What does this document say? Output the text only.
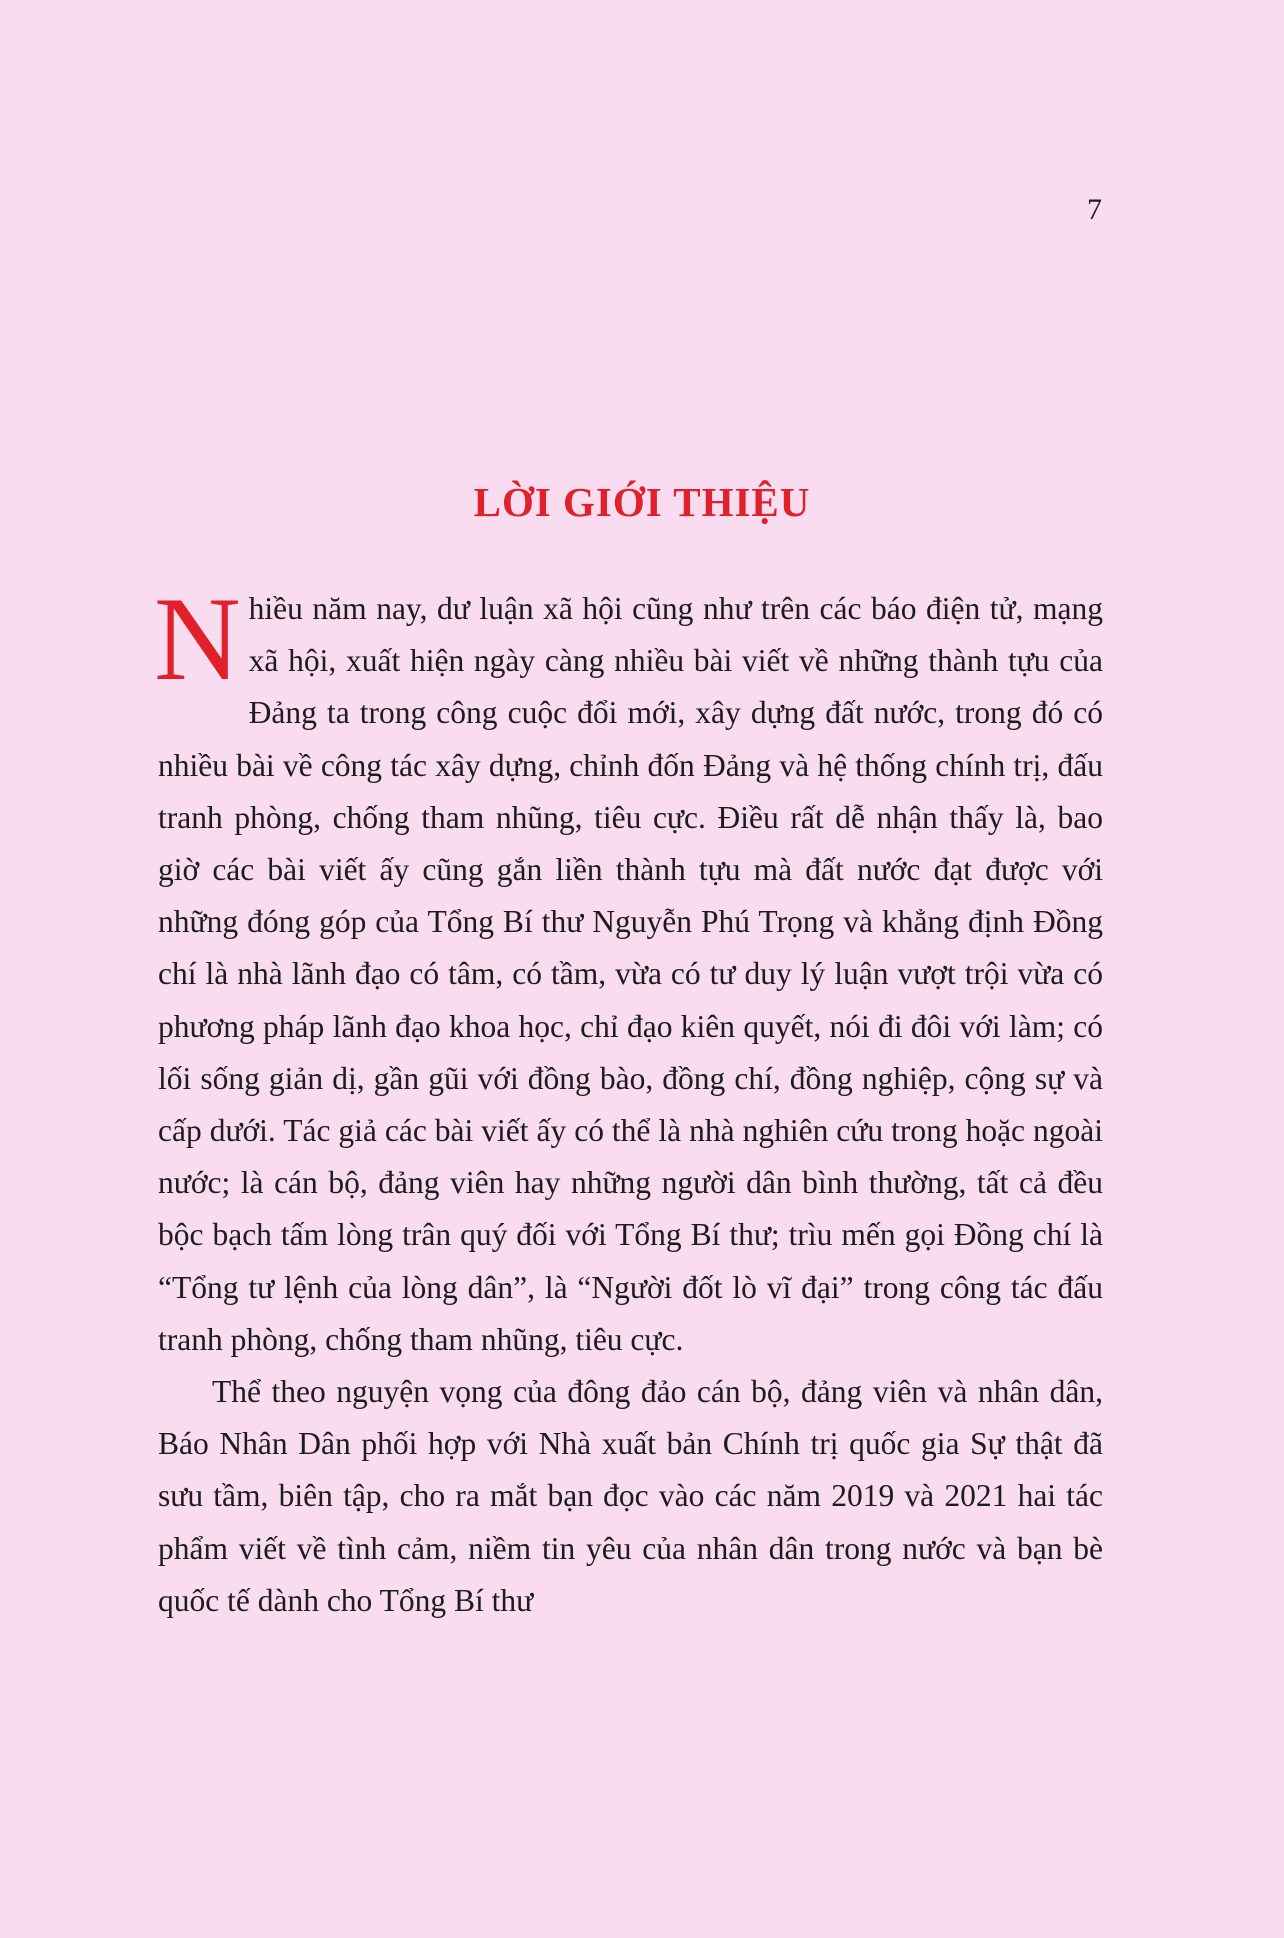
7
LỜI GIỚI THIỆU

Nhiều năm nay, dư luận xã hội cũng như trên các báo điện tử, mạng xã hội, xuất hiện ngày càng nhiều bài viết về những thành tựu của Đảng ta trong công cuộc đổi mới, xây dựng đất nước, trong đó có nhiều bài về công tác xây dựng, chỉnh đốn Đảng và hệ thống chính trị, đấu tranh phòng, chống tham nhũng, tiêu cực. Điều rất dễ nhận thấy là, bao giờ các bài viết ấy cũng gắn liền thành tựu mà đất nước đạt được với những đóng góp của Tổng Bí thư Nguyễn Phú Trọng và khẳng định Đồng chí là nhà lãnh đạo có tâm, có tầm, vừa có tư duy lý luận vượt trội vừa có phương pháp lãnh đạo khoa học, chỉ đạo kiên quyết, nói đi đôi với làm; có lối sống giản dị, gần gũi với đồng bào, đồng chí, đồng nghiệp, cộng sự và cấp dưới. Tác giả các bài viết ấy có thể là nhà nghiên cứu trong hoặc ngoài nước; là cán bộ, đảng viên hay những người dân bình thường, tất cả đều bộc bạch tấm lòng trân quý đối với Tổng Bí thư; trìu mến gọi Đồng chí là “Tổng tư lệnh của lòng dân”, là “Người đốt lò vĩ đại” trong công tác đấu tranh phòng, chống tham nhũng, tiêu cực.

Thể theo nguyện vọng của đông đảo cán bộ, đảng viên và nhân dân, Báo Nhân Dân phối hợp với Nhà xuất bản Chính trị quốc gia Sự thật đã sưu tầm, biên tập, cho ra mắt bạn đọc vào các năm 2019 và 2021 hai tác phẩm viết về tình cảm, niềm tin yêu của nhân dân trong nước và bạn bè quốc tế dành cho Tổng Bí thư
